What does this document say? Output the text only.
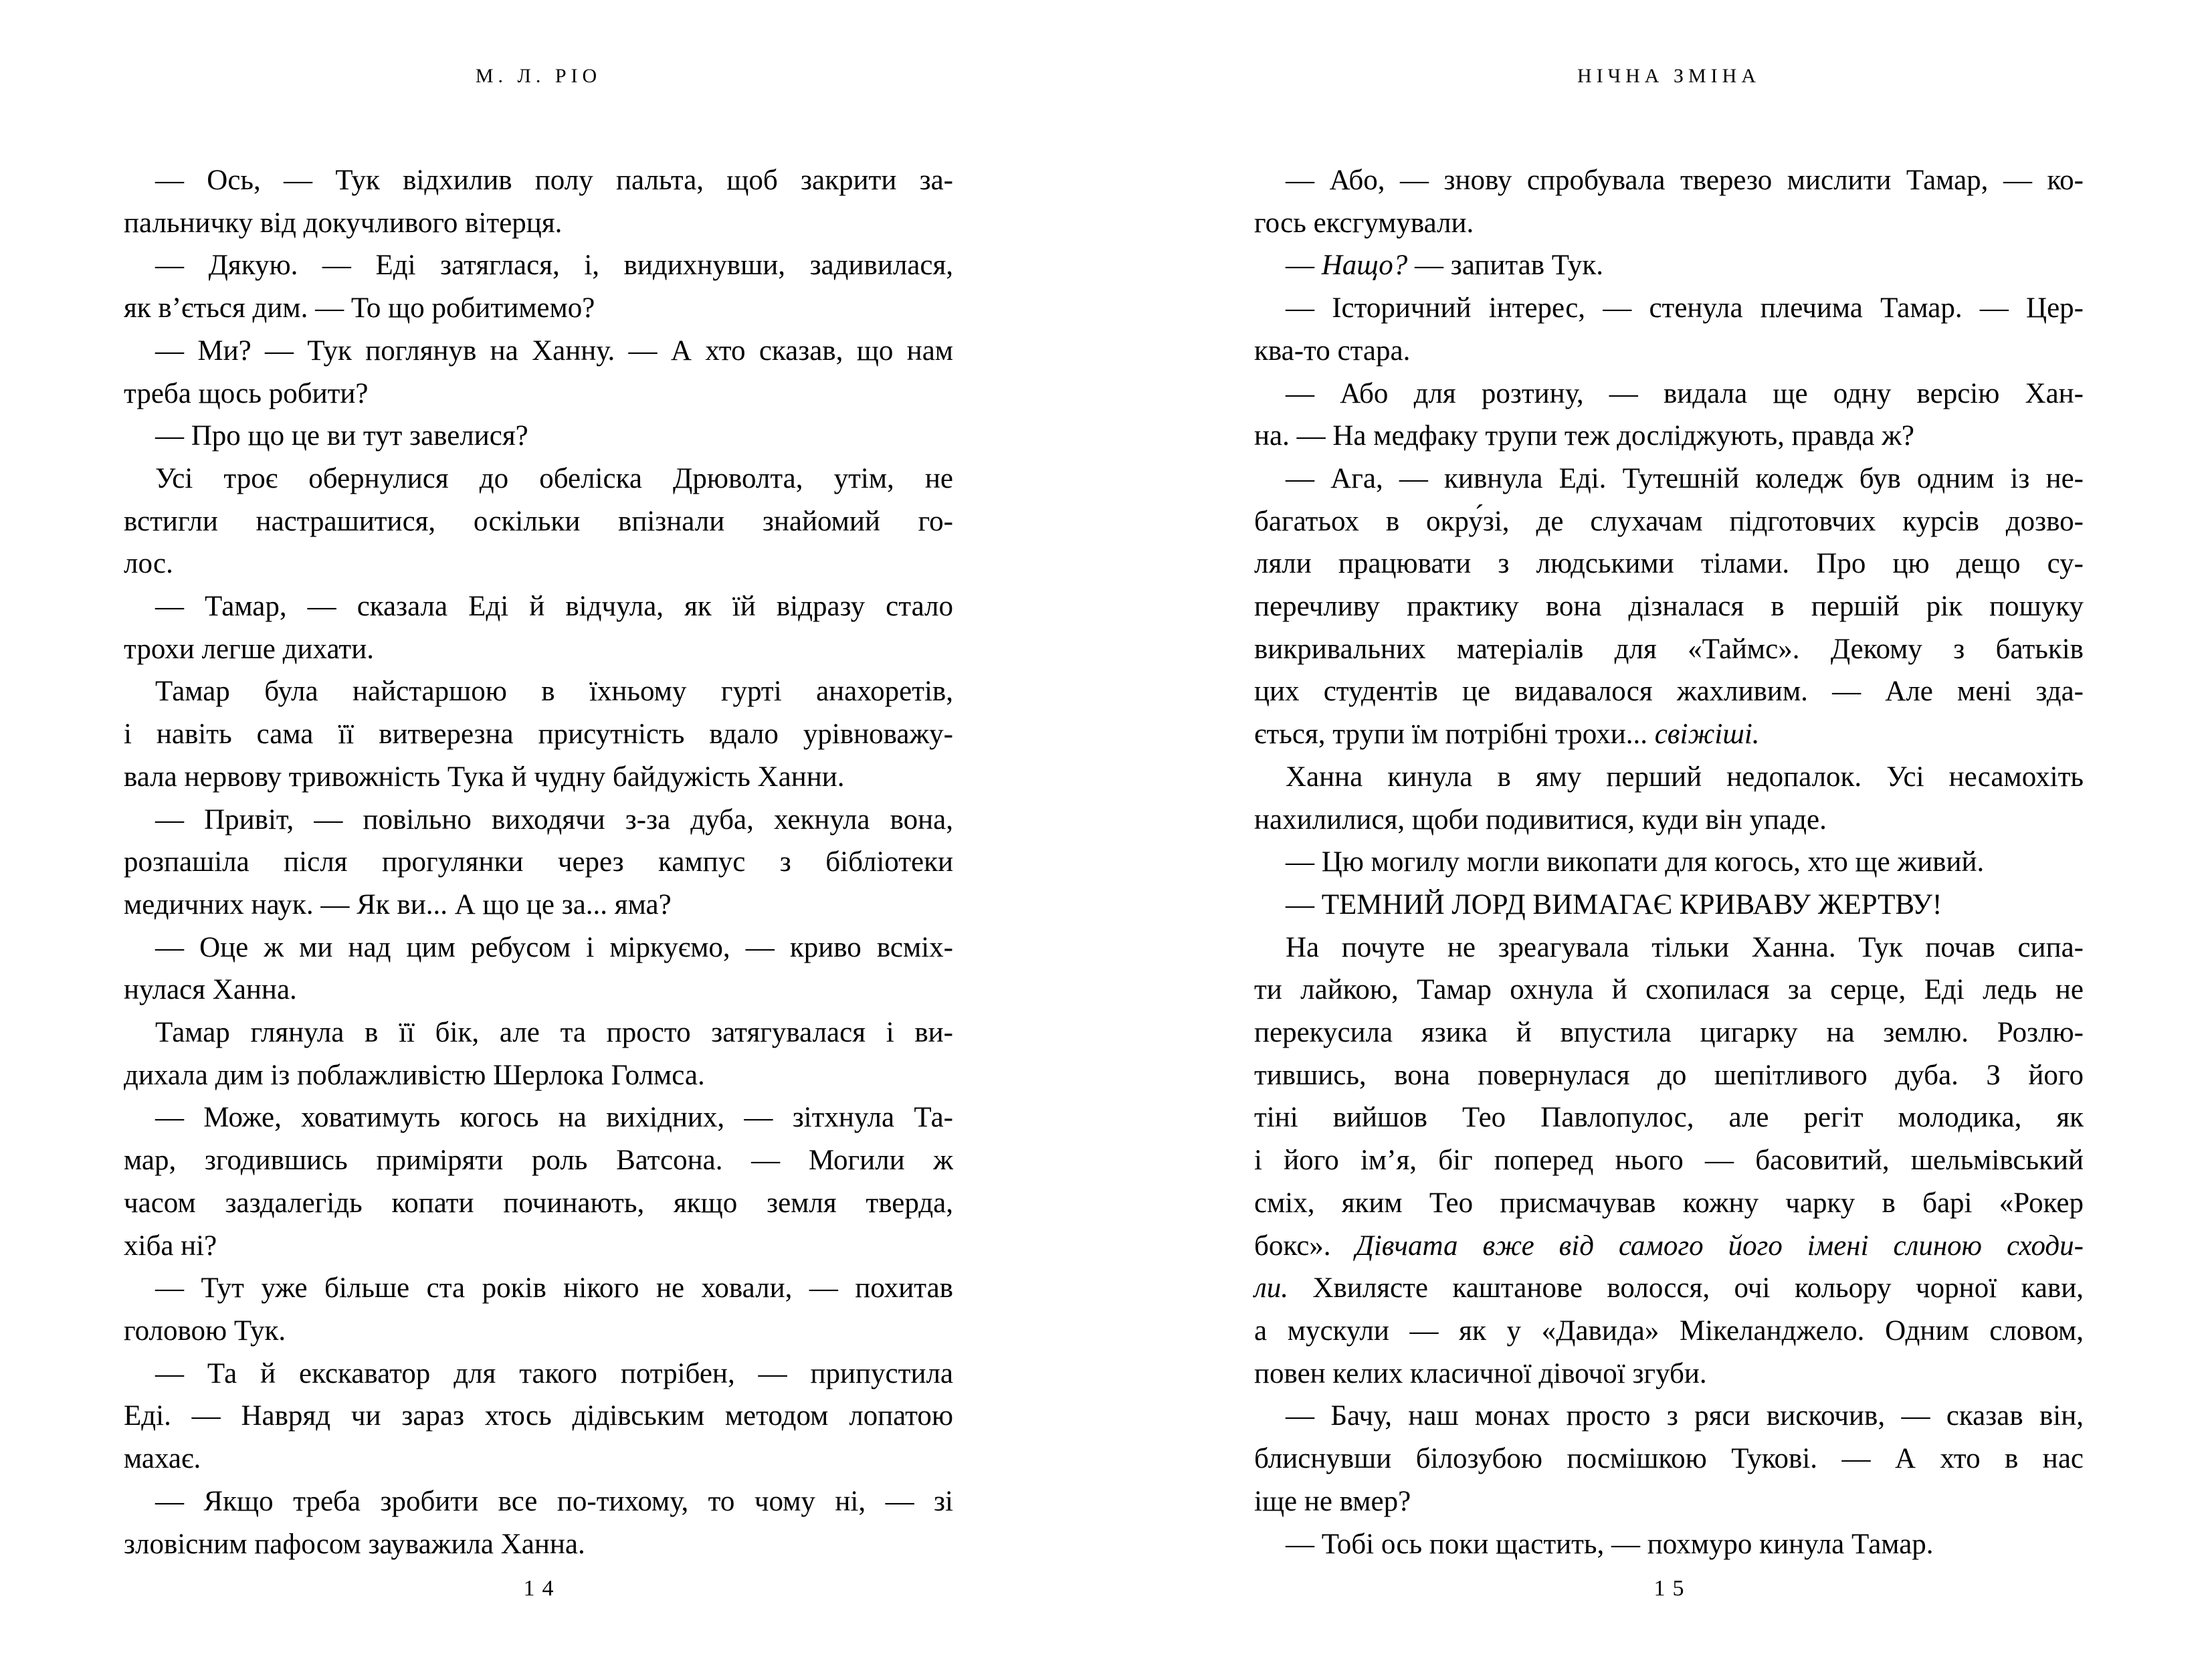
М. Л. РІО
— Ось, — Тук відхилив полу пальта, щоб закрити за-
пальничку від докучливого вітерця.
— Дякую. — Еді затяглася, і, видихнувши, задивилася,
як в’ється дим. — То що робитимемо?
— Ми? — Тук поглянув на Ханну. — А хто сказав, що нам
треба щось робити?
— Про що це ви тут завелися?
Усі троє обернулися до обеліска Дрюволта, утім, не
встигли настрашитися, оскільки впізнали знайомий го-
лос.
— Тамар, — сказала Еді й відчула, як їй відразу стало
трохи легше дихати.
Тамар була найстаршою в їхньому гурті анахоретів,
і навіть сама її витверезна присутність вдало урівноважу-
вала нервову тривожність Тука й чудну байдужість Ханни.
— Привіт, — повільно виходячи з-за дуба, хекнула вона,
розпашіла після прогулянки через кампус з бібліотеки
медичних наук. — Як ви... А що це за... яма?
— Оце ж ми над цим ребусом і міркуємо, — криво всміх-
нулася Ханна.
Тамар глянула в її бік, але та просто затягувалася і ви-
дихала дим із поблажливістю Шерлока Голмса.
— Може, ховатимуть когось на вихідних, — зітхнула Та-
мар, згодившись приміряти роль Ватсона. — Могили ж
часом заздалегідь копати починають, якщо земля тверда,
хіба ні?
— Тут уже більше ста років нікого не ховали, — похитав
головою Тук.
— Та й екскаватор для такого потрібен, — припустила
Еді. — Навряд чи зараз хтось дідівським методом лопатою
махає.
— Якщо треба зробити все по-тихому, то чому ні, — зі
зловісним пафосом зауважила Ханна.
14
НІЧНА ЗМІНА
— Або, — знову спробувала тверезо мислити Тамар, — ко-
гось ексгумували.
— Нащо? — запитав Тук.
— Історичний інтерес, — стенула плечима Тамар. — Цер-
ква-то стара.
— Або для розтину, — видала ще одну версію Хан-
на. — На медфаку трупи теж досліджують, правда ж?
— Ага, — кивнула Еді. Тутешній коледж був одним із не-
багатьох в окру́зі, де слухачам підготовчих курсів дозво-
ляли працювати з людськими тілами. Про цю дещо су-
перечливу практику вона дізналася в першій рік пошуку
викривальних матеріалів для «Таймс». Декому з батьків
цих студентів це видавалося жахливим. — Але мені зда-
ється, трупи їм потрібні трохи... свіжіші.
Ханна кинула в яму перший недопалок. Усі несамохіть
нахилилися, щоби подивитися, куди він упаде.
— Цю могилу могли викопати для когось, хто ще живий.
— ТЕМНИЙ ЛОРД ВИМАГАЄ КРИВАВУ ЖЕРТВУ!
На почуте не зреагувала тільки Ханна. Тук почав сипа-
ти лайкою, Тамар охнула й схопилася за серце, Еді ледь не
перекусила язика й впустила цигарку на землю. Розлю-
тившись, вона повернулася до шепітливого дуба. З його
тіні вийшов Тео Павлопулос, але регіт молодика, як
і його ім’я, біг поперед нього — басовитий, шельмівський
сміх, яким Тео присмачував кожну чарку в барі «Рокер
бокс». Дівчата вже від самого його імені слиною сходи-
ли. Хвилясте каштанове волосся, очі кольору чорної кави,
а мускули — як у «Давида» Мікеланджело. Одним словом,
повен келих класичної дівочої згуби.
— Бачу, наш монах просто з ряси вискочив, — сказав він,
блиснувши білозубою посмішкою Тукові. — А хто в нас
іще не вмер?
— Тобі ось поки щастить, — похмуро кинула Тамар.
15
